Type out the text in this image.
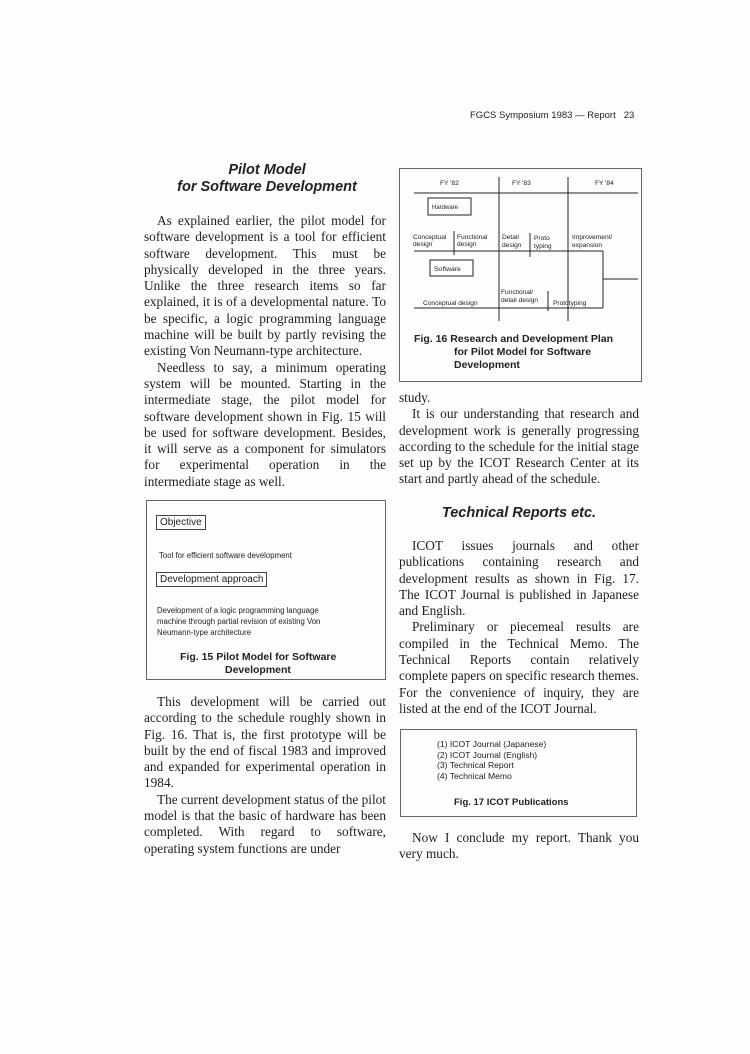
FGCS Symposium 1983 — Report 23
Pilot Model
for Software Development

As explained earlier, the pilot model for software development is a tool for efficient software development. This must be physically developed in the three years. Unlike the three research items so far explained, it is of a developmental nature. To be specific, a logic programming language machine will be built by partly revising the existing Von Neumann-type architecture.

Needless to say, a minimum operating system will be mounted. Starting in the intermediate stage, the pilot model for software development shown in Fig. 15 will be used for software development. Besides, it will serve as a component for simulators for experimental operation in the intermediate stage as well.

Objective
Tool for efficient software development
Development approach
Development of a logic programming language
machine through partial revision of existing Von
Neumann-type architecture
Fig. 15 Pilot Model for Software
Development

This development will be carried out according to the schedule roughly shown in Fig. 16. That is, the first prototype will be built by the end of fiscal 1983 and improved and expanded for experimental operation in 1984.

The current development status of the pilot model is that the basic of hardware has been completed. With regard to software, operating system functions are under

FY '82	FY '83	FY '84
Hardware
Conceptual
design
Functional
design
Detail
design
Proto
typing
Improvement/
expansion
Software
Conceptual design
Functional/
detail design Prototyping
Fig. 16 Research and Development Plan
for Pilot Model for Software
Development

study.

It is our understanding that research and development work is generally progressing according to the schedule for the initial stage set up by the ICOT Research Center at its start and partly ahead of the schedule.

Technical Reports etc.

ICOT issues journals and other publications containing research and development results as shown in Fig. 17. The ICOT Journal is published in Japanese and English.

Preliminary or piecemeal results are compiled in the Technical Memo. The Technical Reports contain relatively complete papers on specific research themes. For the convenience of inquiry, they are listed at the end of the ICOT Journal.

(1) ICOT Journal (Japanese)
(2) ICOT Journal (English)
(3) Technical Report
(4) Technical Memo
Fig. 17 ICOT Publications

Now I conclude my report. Thank you very much.
